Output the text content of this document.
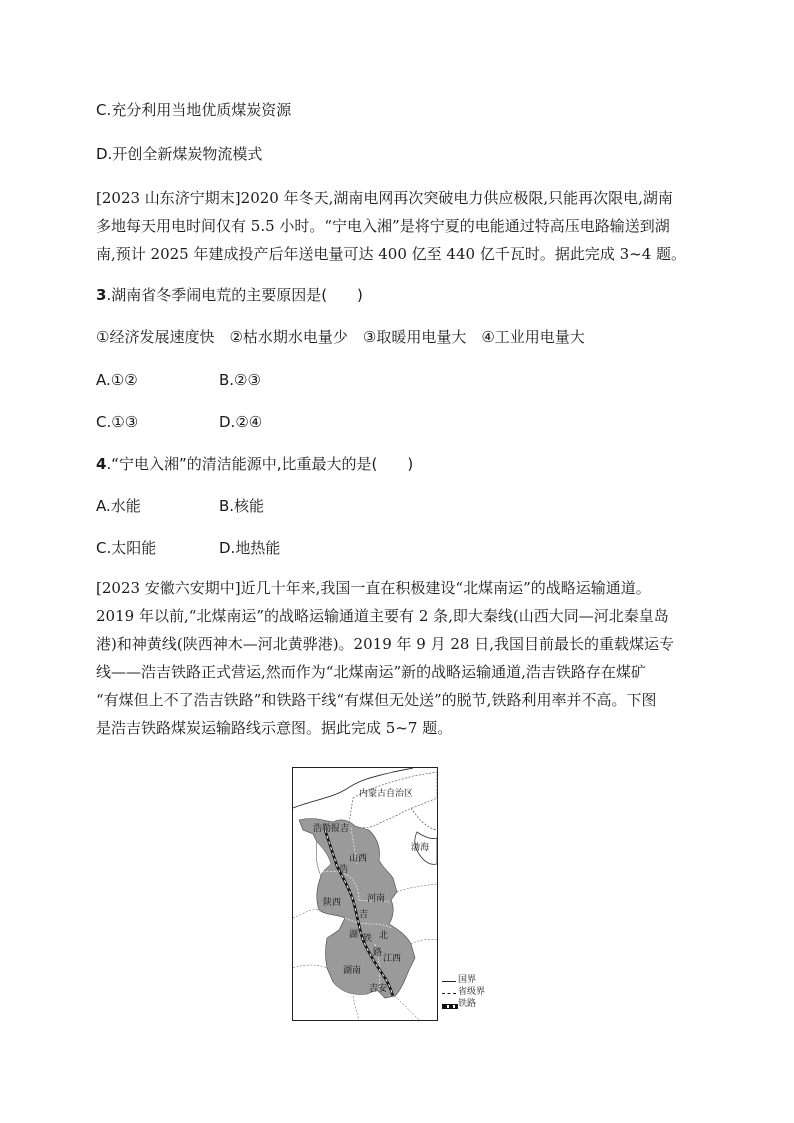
C.充分利用当地优质煤炭资源
D.开创全新煤炭物流模式
[2023 山东济宁期末]2020 年冬天,湖南电网再次突破电力供应极限,只能再次限电,湖南
多地每天用电时间仅有 5.5 小时。“宁电入湘”是将宁夏的电能通过特高压电路输送到湖
南,预计 2025 年建成投产后年送电量可达 400 亿至 440 亿千瓦时。据此完成 3~4 题。
3.湖南省冬季闹电荒的主要原因是(　　)
①经济发展速度快　②枯水期水电量少　③取暖用电量大　④工业用电量大
A.①②	B.②③
C.①③	D.②④
4.“宁电入湘”的清洁能源中,比重最大的是(　　)
A.水能	B.核能
C.太阳能	D.地热能
[2023 安徽六安期中]近几十年来,我国一直在积极建设“北煤南运”的战略运输通道。
2019 年以前,“北煤南运”的战略运输通道主要有 2 条,即大秦线(山西大同—河北秦皇岛
港)和神黄线(陕西神木—河北黄骅港)。2019 年 9 月 28 日,我国目前最长的重载煤运专
线——浩吉铁路正式营运,然而作为“北煤南运”新的战略运输通道,浩吉铁路存在煤矿
“有煤但上不了浩吉铁路”和铁路干线“有煤但无处送”的脱节,铁路利用率并不高。下图
是浩吉铁路煤炭运输路线示意图。据此完成 5~7 题。
内蒙古自治区
浩勒报吉
渤海
山西
浩
陕西	河南
吉
湖 铁 北
路
江西
湖南
吉安
国界
省级界
铁路
